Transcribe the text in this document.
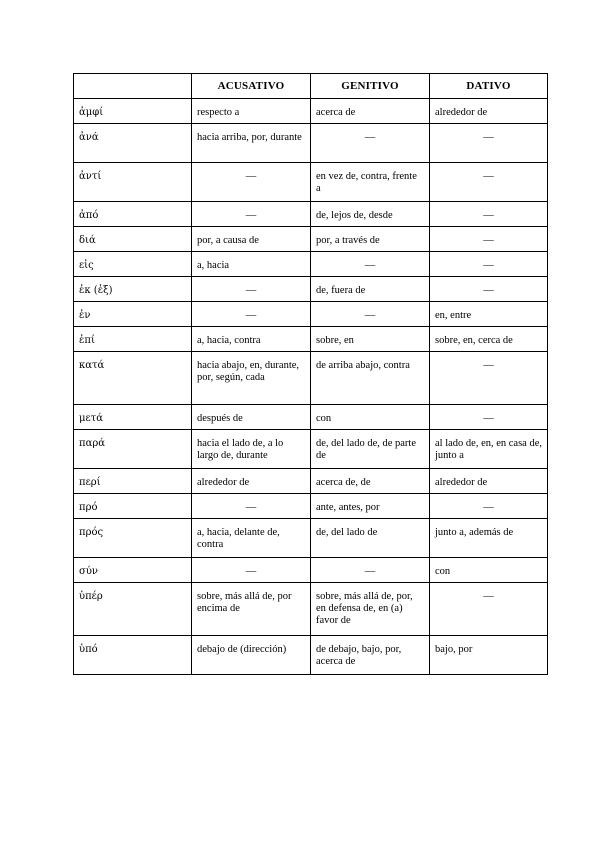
	ACUSATIVO	GENITIVO	DATIVO

ἀμφί	respecto a	acerca de	alrededor de

ἀνά	hacia arriba, por, durante	—	—

ἀντί	—	en vez de, contra, frente a	—

ἀπό	—	de, lejos de, desde	—

διά	por, a causa de	por, a través de	—

εἰς	a, hacia	—	—

ἐκ (ἐξ)	—	de, fuera de	—

ἐν	—	—	en, entre

ἐπί	a, hacia, contra	sobre, en	sobre, en, cerca de

κατά	hacia abajo, en, durante, por, según, cada	de arriba abajo, contra	—

μετά	después de	con	—

παρά	hacia el lado de, a lo largo de, durante	de, del lado de, de parte de	al lado de, en, en casa de, junto a

περί	alrededor de	acerca de, de	alrededor de

πρό	—	ante, antes, por	—

πρός	a, hacia, delante de, contra	de, del lado de	junto a, además de

σύν	—	—	con

ὑπέρ	sobre, más allá de, por encima de	sobre, más allá de, por, en defensa de, en (a) favor de	—

ὑπό	debajo de (dirección)	de debajo, bajo, por, acerca de	bajo, por
